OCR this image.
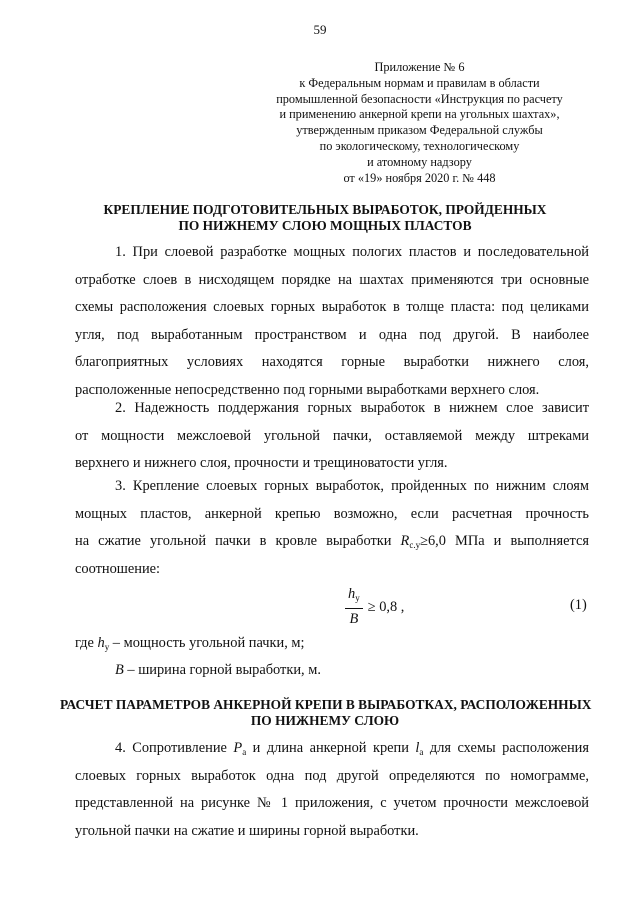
59
Приложение № 6
к Федеральным нормам и правилам в области
промышленной безопасности «Инструкция по расчету
и применению анкерной крепи на угольных шахтах»,
утвержденным приказом Федеральной службы
по экологическому, технологическому
и атомному надзору
от «19» ноября 2020 г. № 448
КРЕПЛЕНИЕ ПОДГОТОВИТЕЛЬНЫХ ВЫРАБОТОК, ПРОЙДЕННЫХ
ПО НИЖНЕМУ СЛОЮ МОЩНЫХ ПЛАСТОВ
1. При слоевой разработке мощных пологих пластов и последовательной
отработке слоев в нисходящем порядке на шахтах применяются три основные
схемы расположения слоевых горных выработок в толще пласта: под целиками
угля, под выработанным пространством и одна под другой. В наиболее
благоприятных условиях находятся горные выработки нижнего слоя,
расположенные непосредственно под горными выработками верхнего слоя.
2. Надежность поддержания горных выработок в нижнем слое зависит
от мощности межслоевой угольной пачки, оставляемой между штреками
верхнего и нижнего слоя, прочности и трещиноватости угля.
3. Крепление слоевых горных выработок, пройденных по нижним слоям
мощных пластов, анкерной крепью возможно, если расчетная прочность
на сжатие угольной пачки в кровле выработки $R_{с.у}\ge 6,0$ МПа и выполняется
соотношение:
$\frac{h_у}{B} \ge 0,8$ ,	(1)
где $h_у$ – мощность угольной пачки, м;
B – ширина горной выработки, м.
РАСЧЕТ ПАРАМЕТРОВ АНКЕРНОЙ КРЕПИ В ВЫРАБОТКАХ, РАСПОЛОЖЕННЫХ
ПО НИЖНЕМУ СЛОЮ
4. Сопротивление $P_а$ и длина анкерной крепи $l_а$ для схемы расположения
слоевых горных выработок одна под другой определяются по номограмме,
представленной на рисунке № 1 приложения, с учетом прочности межслоевой
угольной пачки на сжатие и ширины горной выработки.
